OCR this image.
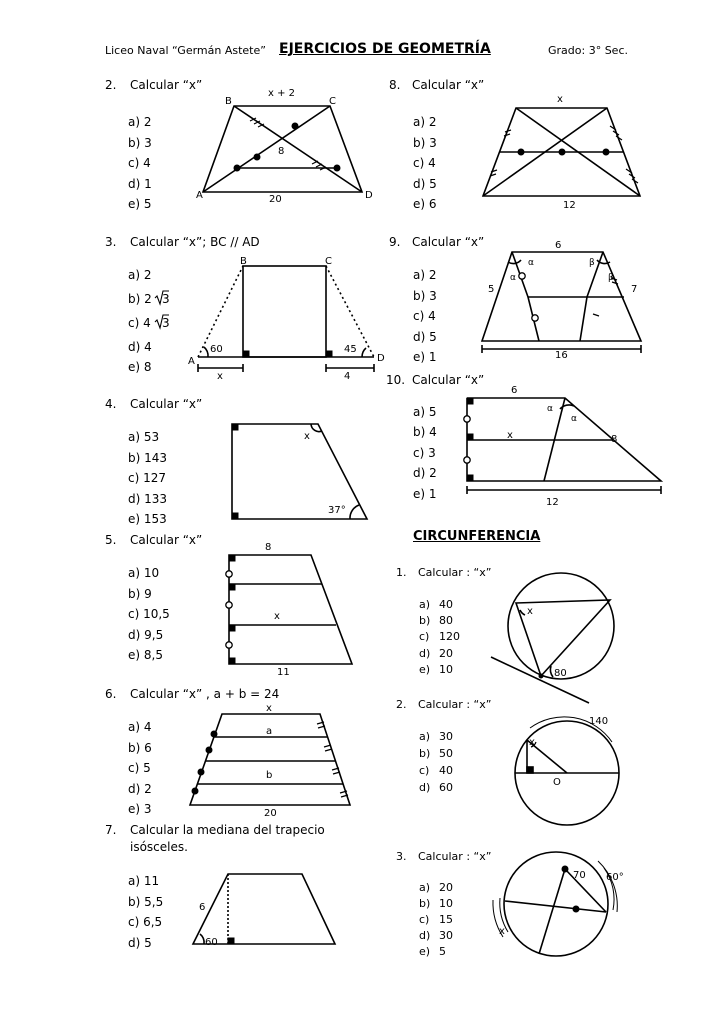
Liceo Naval “Germán Astete” EJERCICIOS DE GEOMETRÍA	Grado: 3° Sec.
2. Calcular “x”
a) 2
b) 3
c) 4
d) 1
e) 5
B	C
A	D
x + 2
8
20
8. Calcular “x”
a) 2
b) 3
c) 4
d) 5
e) 6
x
12
3. Calcular “x”; BC // AD
a) 2
b) 2 3
c) 4 3
d) 4
e) 8
B	C
A	D
60	45
x	4
9. Calcular “x”
a) 2
b) 3
c) 4
d) 5
e) 1
6
α
α
β
β
5	7
16
10. Calcular “x”
a) 5
b) 4
c) 3
d) 2
e) 1
6
α
α
x	8
12
4. Calcular “x”
a) 53
b) 143
c) 127
d) 133
e) 153
x
37°
5. Calcular “x”
a) 10
b) 9
c) 10,5
d) 9,5
e) 8,5
8
x
11
6. Calcular “x” , a + b = 24
a) 4
b) 6
c) 5
d) 2
e) 3
x
a
b
20
7. Calcular la mediana del trapecio
isósceles.
a) 11
b) 5,5
c) 6,5
d) 5
6
60
CIRCUNFERENCIA
1. Calcular : “x”
a) 40
b) 80
c) 120
d) 20
e) 10
x
80
2. Calcular : “x”
a) 30
b) 50
c) 40
d) 60
140
x
O
3. Calcular : “x”
a) 20
b) 10
c) 15
d) 30
e) 5
70 60°
x
